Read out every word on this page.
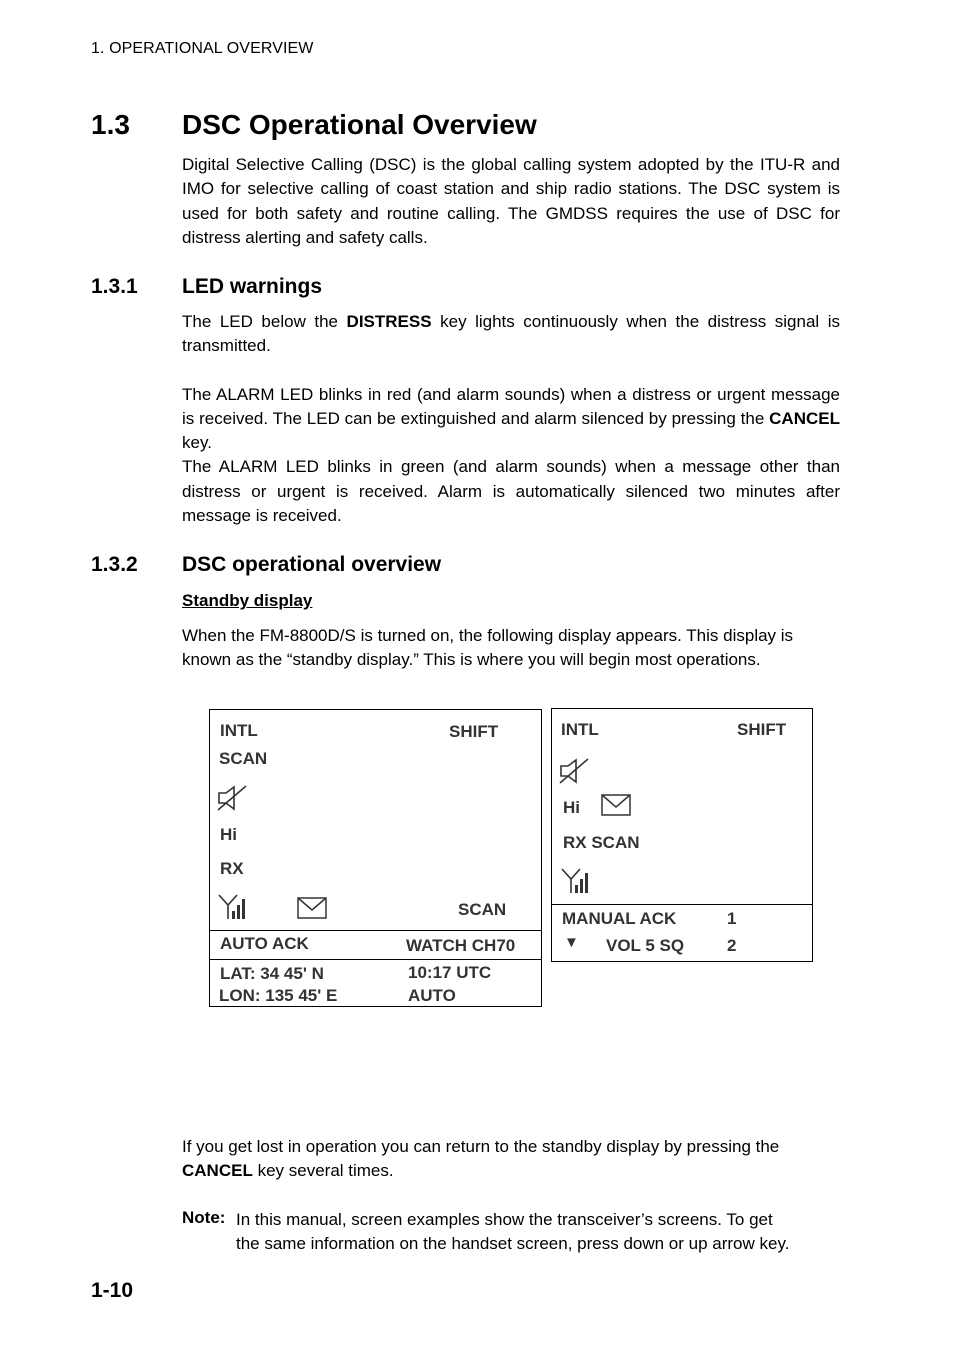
1. OPERATIONAL OVERVIEW
1.3 DSC Operational Overview

Digital Selective Calling (DSC) is the global calling system adopted by the ITU-R and IMO for selective calling of coast station and ship radio stations. The DSC system is used for both safety and routine calling. The GMDSS requires the use of DSC for distress alerting and safety calls.

1.3.1 LED warnings

The LED below the DISTRESS key lights continuously when the distress signal is transmitted.

The ALARM LED blinks in red (and alarm sounds) when a distress or urgent message is received. The LED can be extinguished and alarm silenced by pressing the CANCEL key.

The ALARM LED blinks in green (and alarm sounds) when a message other than distress or urgent is received. Alarm is automatically silenced two minutes after message is received.

1.3.2 DSC operational overview
Standby display

When the FM-8800D/S is turned on, the following display appears. This display is known as the “standby display.” This is where you will begin most operations.

INTL	SHIFT
SCAN
Hi
RX
SCAN
AUTO ACK	WATCH CH70
LAT: 34 45' N	10:17 UTC
LON: 135 45' E	AUTO
INTL	SHIFT
Hi
RX SCAN
MANUAL ACK	1
▼ VOL 5 SQ	2

If you get lost in operation you can return to the standby display by pressing the CANCEL key several times.

Note: In this manual, screen examples show the transceiver’s screens. To get
the same information on the handset screen, press down or up arrow key.
1-10
